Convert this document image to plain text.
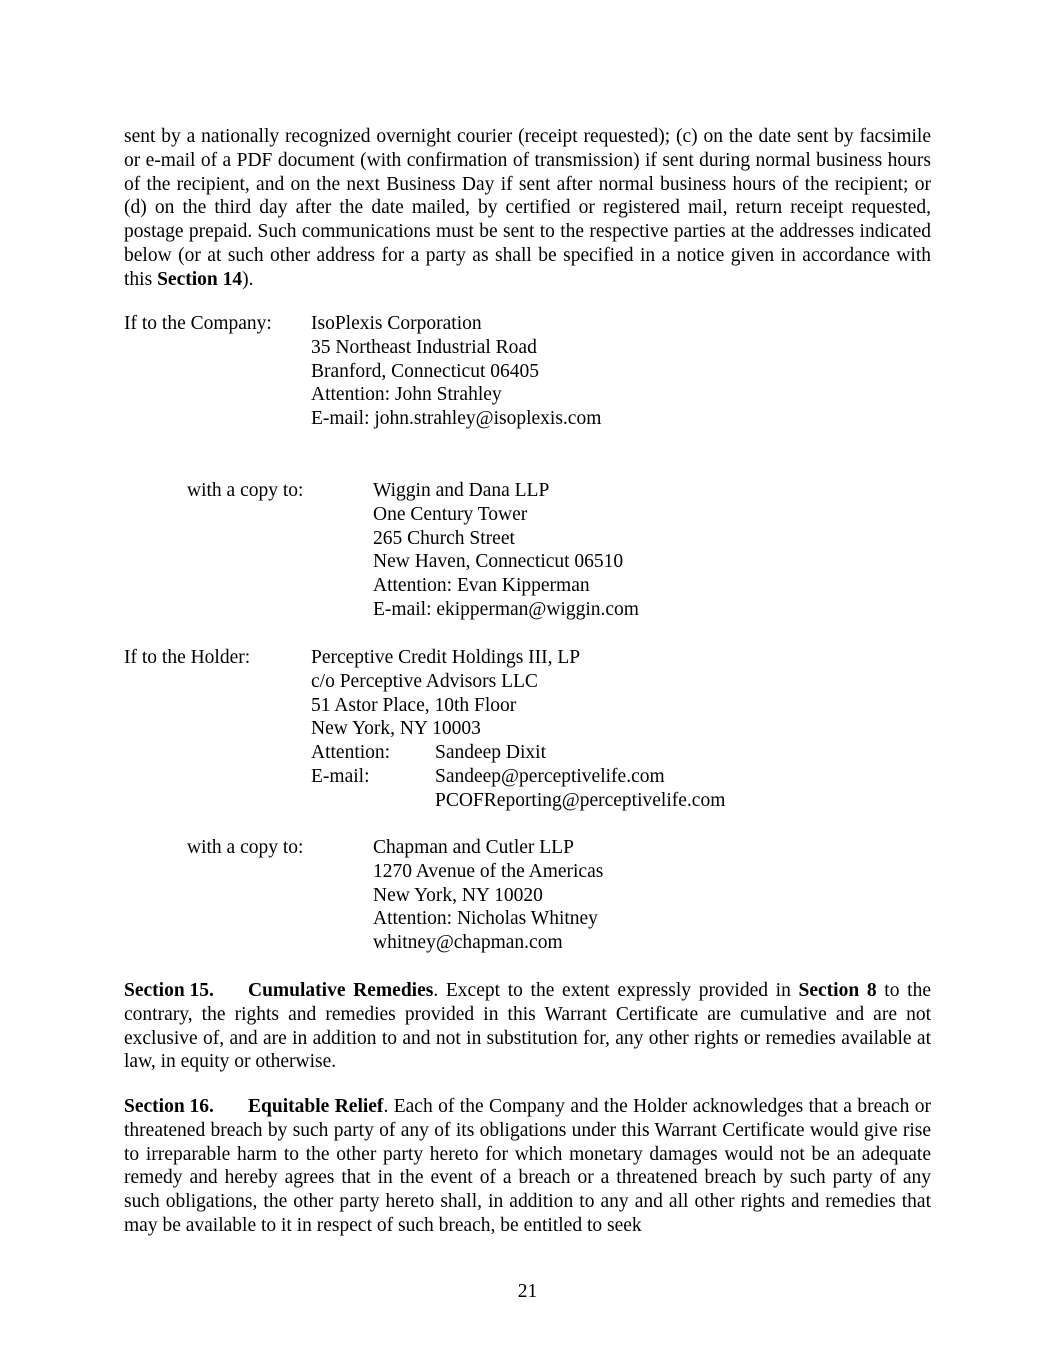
sent by a nationally recognized overnight courier (receipt requested); (c) on the date sent by facsimile or e-mail of a PDF document (with confirmation of transmission) if sent during normal business hours of the recipient, and on the next Business Day if sent after normal business hours of the recipient; or (d) on the third day after the date mailed, by certified or registered mail, return receipt requested, postage prepaid. Such communications must be sent to the respective parties at the addresses indicated below (or at such other address for a party as shall be specified in a notice given in accordance with this Section 14).

If to the Company: IsoPlexis Corporation
35 Northeast Industrial Road
Branford, Connecticut 06405
Attention: John Strahley
E-mail: john.strahley@isoplexis.com
with a copy to:	Wiggin and Dana LLP
One Century Tower
265 Church Street
New Haven, Connecticut 06510
Attention: Evan Kipperman
E-mail: ekipperman@wiggin.com
If to the Holder:	Perceptive Credit Holdings III, LP
c/o Perceptive Advisors LLC
51 Astor Place, 10th Floor
New York, NY 10003
Attention: Sandeep Dixit
E-mail:	Sandeep@perceptivelife.com
PCOFReporting@perceptivelife.com
with a copy to:	Chapman and Cutler LLP
1270 Avenue of the Americas
New York, NY 10020
Attention: Nicholas Whitney
whitney@chapman.com

Section 15. Cumulative Remedies. Except to the extent expressly provided in Section 8 to the contrary, the rights and remedies provided in this Warrant Certificate are cumulative and are not exclusive of, and are in addition to and not in substitution for, any other rights or remedies available at law, in equity or otherwise.

Section 16. Equitable Relief. Each of the Company and the Holder acknowledges that a breach or threatened breach by such party of any of its obligations under this Warrant Certificate would give rise to irreparable harm to the other party hereto for which monetary damages would not be an adequate remedy and hereby agrees that in the event of a breach or a threatened breach by such party of any such obligations, the other party hereto shall, in addition to any and all other rights and remedies that may be available to it in respect of such breach, be entitled to seek

21
